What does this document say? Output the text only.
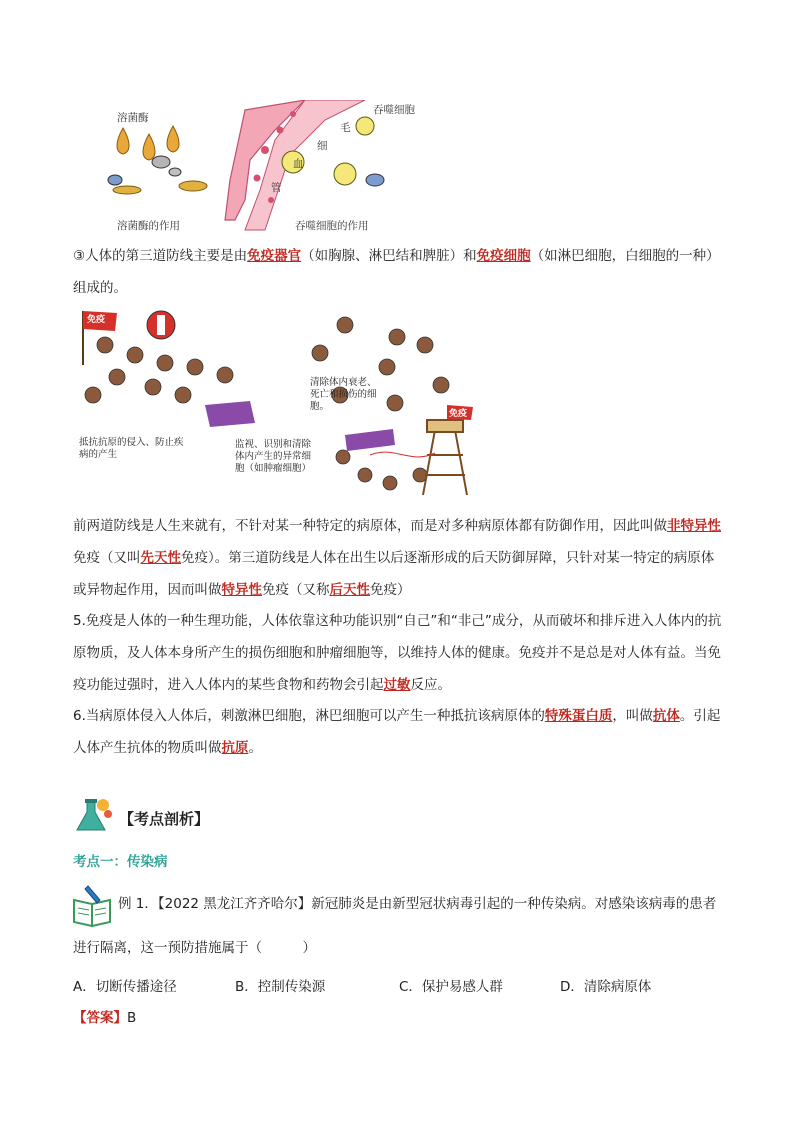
溶菌酶
吞噬细胞
毛
细
血
管
溶菌酶的作用	吞噬细胞的作用
③人体的第三道防线主要是由免疫器官（如胸腺、淋巴结和脾脏）和免疫细胞（如淋巴细胞，白细胞的一种）组成的。
免疫
免疫
抵抗抗原的侵入、防止疾病的产生
清除体内衰老、死亡和损伤的细胞。
监视、识别和清除体内产生的异常细胞（如肿瘤细胞）
前两道防线是人生来就有，不针对某一种特定的病原体，而是对多种病原体都有防御作用，因此叫做非特异性免疫（又叫先天性免疫）。第三道防线是人体在出生以后逐渐形成的后天防御屏障，只针对某一特定的病原体或异物起作用，因而叫做特异性免疫（又称后天性免疫）
5.免疫是人体的一种生理功能，人体依靠这种功能识别“自己”和“非己”成分，从而破坏和排斥进入人体内的抗原物质，及人体本身所产生的损伤细胞和肿瘤细胞等，以维持人体的健康。免疫并不是总是对人体有益。当免疫功能过强时，进入人体内的某些食物和药物会引起过敏反应。
6.当病原体侵入人体后，刺激淋巴细胞，淋巴细胞可以产生一种抵抗该病原体的特殊蛋白质，叫做抗体。引起人体产生抗体的物质叫做抗原。
【考点剖析】
考点一：传染病
例 1．【2022 黑龙江齐齐哈尔】新冠肺炎是由新型冠状病毒引起的一种传染病。对感染该病毒的患者进行隔离，这一预防措施属于（　　　）
A．切断传播途径	B．控制传染源	C．保护易感人群	D．清除病原体
【答案】B
